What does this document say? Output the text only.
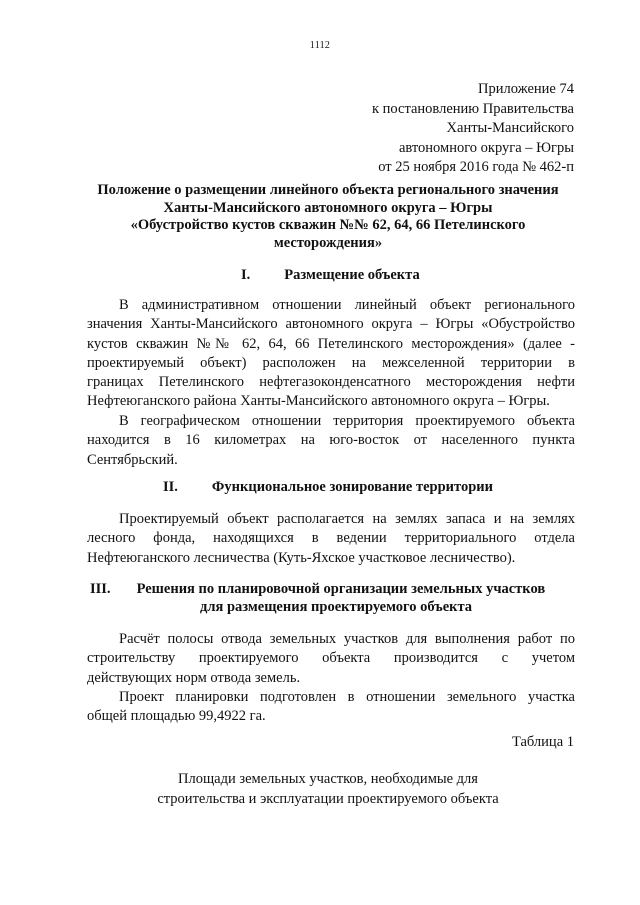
1112
Приложение 74
к постановлению Правительства
Ханты-Мансийского
автономного округа – Югры
от 25 ноября 2016 года № 462-п
Положение о размещении линейного объекта регионального значения
Ханты-Мансийского автономного округа – Югры
«Обустройство кустов скважин №№ 62, 64, 66 Петелинского
месторождения»
I. Размещение объекта
В административном отношении линейный объект регионального
значения Ханты-Мансийского автономного округа – Югры «Обустройство
кустов скважин №№ 62, 64, 66 Петелинского месторождения» (далее -
проектируемый объект) расположен на межселенной территории в
границах Петелинского нефтегазоконденсатного месторождения нефти
Нефтеюганского района Ханты-Мансийского автономного округа – Югры.
В географическом отношении территория проектируемого объекта
находится в 16 километрах на юго-восток от населенного пункта
Сентябрьский.
II. Функциональное зонирование территории
Проектируемый объект располагается на землях запаса и на землях
лесного фонда, находящихся в ведении территориального отдела
Нефтеюганского лесничества (Куть-Яхское участковое лесничество).
III. Решения по планировочной организации земельных участков
для размещения проектируемого объекта
Расчёт полосы отвода земельных участков для выполнения работ по
строительству проектируемого объекта производится с учетом
действующих норм отвода земель.
Проект планировки подготовлен в отношении земельного участка
общей площадью 99,4922 га.
Таблица 1
Площади земельных участков, необходимые для
строительства и эксплуатации проектируемого объекта
